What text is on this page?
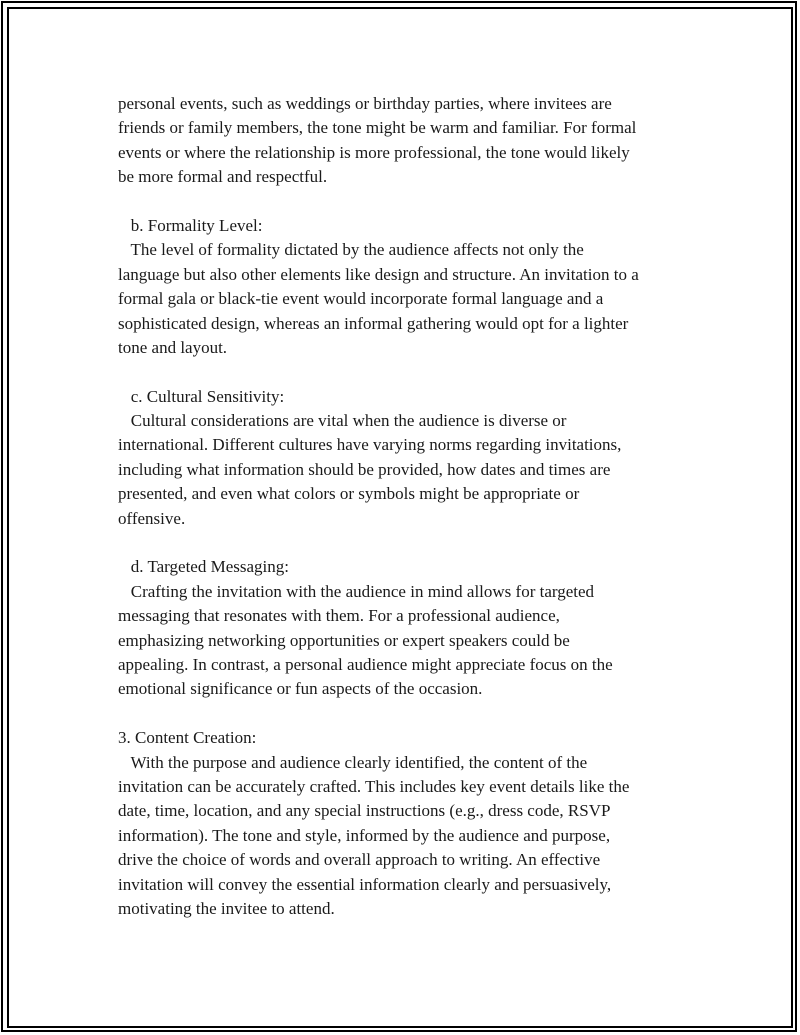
personal events, such as weddings or birthday parties, where invitees are
friends or family members, the tone might be warm and familiar. For formal
events or where the relationship is more professional, the tone would likely
be more formal and respectful.
b. Formality Level:
The level of formality dictated by the audience affects not only the
language but also other elements like design and structure. An invitation to a
formal gala or black-tie event would incorporate formal language and a
sophisticated design, whereas an informal gathering would opt for a lighter
tone and layout.
c. Cultural Sensitivity:
Cultural considerations are vital when the audience is diverse or
international. Different cultures have varying norms regarding invitations,
including what information should be provided, how dates and times are
presented, and even what colors or symbols might be appropriate or
offensive.
d. Targeted Messaging:
Crafting the invitation with the audience in mind allows for targeted
messaging that resonates with them. For a professional audience,
emphasizing networking opportunities or expert speakers could be
appealing. In contrast, a personal audience might appreciate focus on the
emotional significance or fun aspects of the occasion.
3. Content Creation:
With the purpose and audience clearly identified, the content of the
invitation can be accurately crafted. This includes key event details like the
date, time, location, and any special instructions (e.g., dress code, RSVP
information). The tone and style, informed by the audience and purpose,
drive the choice of words and overall approach to writing. An effective
invitation will convey the essential information clearly and persuasively,
motivating the invitee to attend.
